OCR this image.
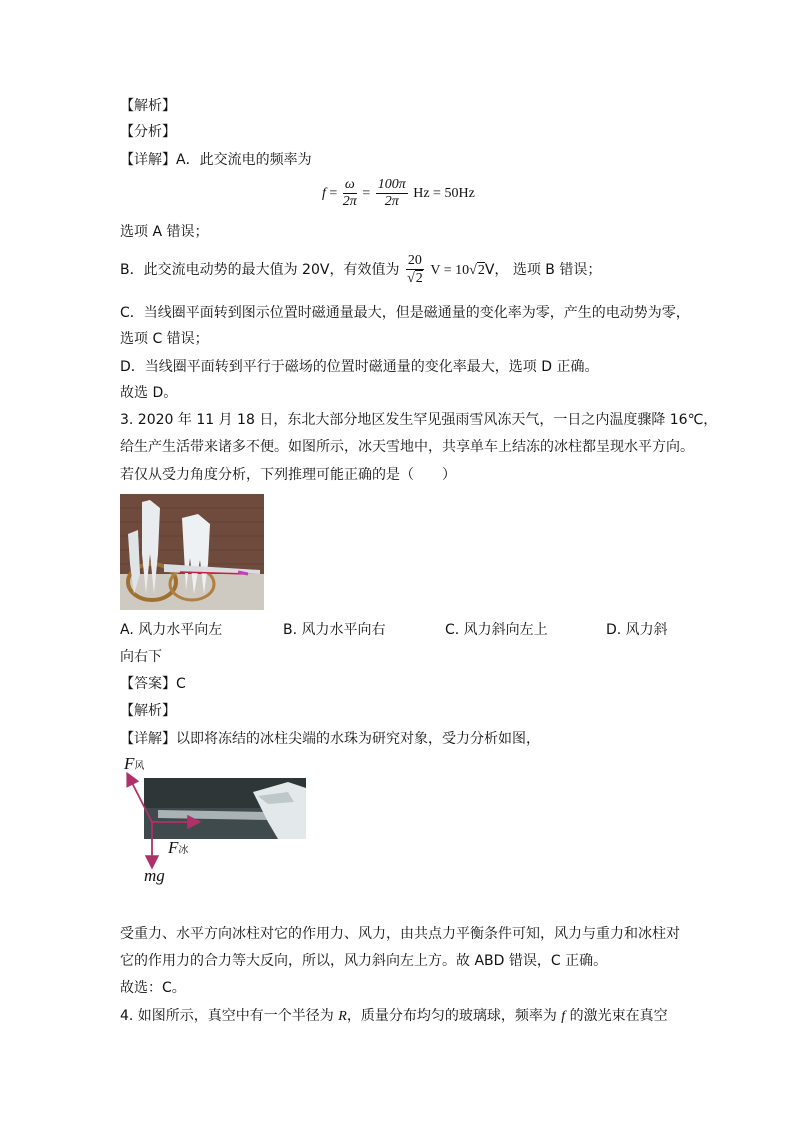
【解析】
【分析】
【详解】A．此交流电的频率为
$f = \frac{\omega}{2\pi} = \frac{100\pi}{2\pi}$ Hz = 50Hz
选项 A 错误；
B．此交流电动势的最大值为 20V，有效值为 $\frac{20}{√2}$ V = 10√2V， 选项 B 错误；
C．当线圈平面转到图示位置时磁通量最大，但是磁通量的变化率为零，产生的电动势为零，
选项 C 错误；
D．当线圈平面转到平行于磁场的位置时磁通量的变化率最大，选项 D 正确。
故选 D。
3. 2020 年 11 月 18 日，东北大部分地区发生罕见强雨雪风冻天气，一日之内温度骤降 16℃，
给生产生活带来诸多不便。如图所示，冰天雪地中，共享单车上结冻的冰柱都呈现水平方向。
若仅从受力角度分析，下列推理可能正确的是（　　）
A. 风力水平向左	B. 风力水平向右	C. 风力斜向左上	D. 风力斜
向右下
【答案】C
【解析】
【详解】以即将冻结的冰柱尖端的水珠为研究对象，受力分析如图，
F风
F冰
mg
受重力、水平方向冰柱对它的作用力、风力，由共点力平衡条件可知，风力与重力和冰柱对
它的作用力的合力等大反向，所以，风力斜向左上方。故 ABD 错误，C 正确。
故选：C。
4. 如图所示，真空中有一个半径为 R，质量分布均匀的玻璃球，频率为 f 的激光束在真空
